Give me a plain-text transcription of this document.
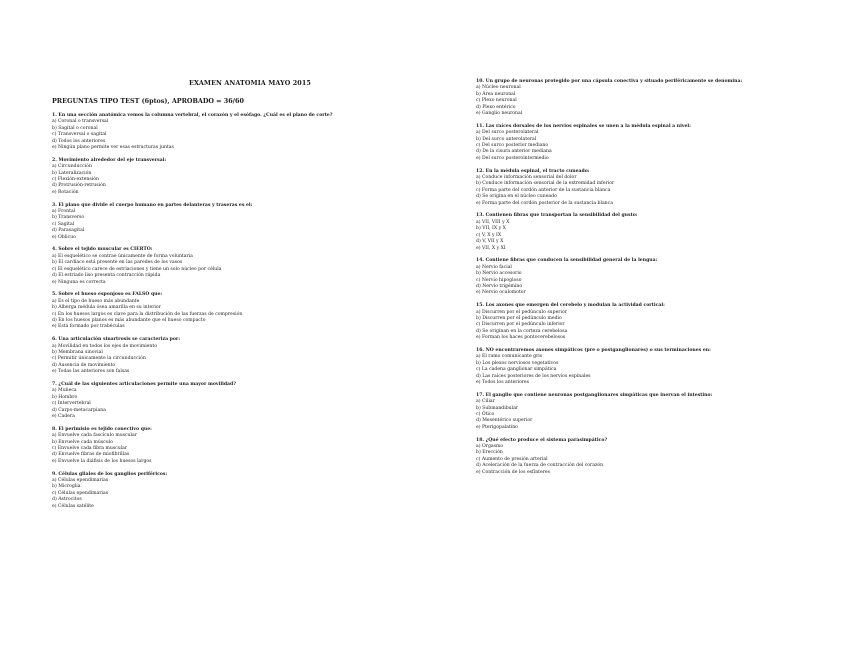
EXAMEN ANATOMIA MAYO 2015
PREGUNTAS TIPO TEST (6ptos), APROBADO = 36/60
1. En una sección anatómica vemos la columna vertebral, el corazón y el esófago. ¿Cuál es el plano de corte?
a) Coronal o transversal
b) Sagital o coronal
c) Transversal o sagital
d) Todos los anteriores
e) Ningún plano permite ver esas estructuras juntas
2. Movimiento alrededor del eje transversal:
a) Circunducción
b) Lateralización
c) Flexión-extensión
d) Protrusión-retrusión
e) Rotación
3. El plano que divide el cuerpo humano en partes delanteras y traseras es el:
a) Frontal
b) Transverso
c) Sagital
d) Parasagital
e) Oblicuo
4. Sobre el tejido muscular es CIERTO:
a) El esquelético se contrae únicamente de forma voluntaria
b) El cardíaco está presente en las paredes de los vasos
c) El esquelético carece de estriaciones y tiene un solo núcleo por célula
d) El estriado liso presenta contracción rápida
e) Ninguna es correcta
5. Sobre el hueso esponjoso es FALSO que:
a) Es el tipo de hueso más abundante
b) Alberga médula ósea amarilla en su interior
c) En los huesos largos es clave para la distribución de las fuerzas de compresión
d) En los huesos planos es más abundante que el hueso compacto
e) Está formado por trabéculas
6. Una articulación sinartrosis se caracteriza por:
a) Movilidad en todos los ejes de movimiento
b) Membrana sinovial
c) Permitir únicamente la circunducción
d) Ausencia de movimiento
e) Todas las anteriores son falsas
7. ¿Cuál de las siguientes articulaciones permite una mayor movilidad?
a) Muñeca
b) Hombro
c) Intervertebral
d) Carpo-metacarpiana
e) Cadera
8. El perimisio es tejido conectivo que:
a) Envuelve cada fascículo muscular
b) Envuelve cada músculo
c) Envuelve cada fibra muscular
d) Envuelve fibras de miofibrillas
e) Envuelve la diáfisis de los huesos largos
9. Células gliales de los ganglios periféricos:
a) Células ependimarias
b) Microglía
c) Células ependimarias
d) Astrocitos
e) Células satélite
10. Un grupo de neuronas protegido por una cápsula conectiva y situado periféricamente se denomina:
a) Núcleo neuronal
b) Área neuronal
c) Plexo neuronal
d) Plexo entérico
e) Ganglio neuronal
11. Las raíces dorsales de los nervios espinales se unen a la médula espinal a nivel:
a) Del surco posterolateral
b) Del surco anterolateral
c) Del surco posterior mediano
d) De la cisura anterior mediana
e) Del surco posterointermedio
12. En la médula espinal, el tracto cuneado:
a) Conduce información sensorial del dolor
b) Conduce información sensorial de la extremidad inferior
c) Forma parte del cordón anterior de la sustancia blanca
d) Se origina en el núcleo cuneado
e) Forma parte del cordón posterior de la sustancia blanca
13. Contienen fibras que transportan la sensibilidad del gusto:
a) VII, VIII y X
b) VII, IX y X
c) V, X y IX
d) V, VII y X
e) VII, X y XI
14. Contiene fibras que conducen la sensibilidad general de la lengua:
a) Nervio facial
b) Nervio accesorio
c) Nervio hipogloso
d) Nervio trigémino
e) Nervio oculomotor
15. Los axones que emergen del cerebelo y modulan la actividad cortical:
a) Discurren por el pedúnculo superior
b) Discurren por el pedúnculo medio
c) Discurren por el pedúnculo inferior
d) Se originan en la corteza cerebelosa
e) Forman los haces pontocerebelosos
16. NO encontraremos axones simpáticos (pre o postganglionares) o sus terminaciones en:
a) El ramo comunicante gris
b) Los plexos nerviosos vegetativos
c) La cadena ganglionar simpática
d) Las raíces posteriores de los nervios espinales
e) Todos los anteriores
17. El ganglio que contiene neuronas postganglionares simpáticas que inervan el intestino:
a) Ciliar
b) Submandibular
c) Ótico
d) Mesentérico superior
e) Pterigopalatino
18. ¿Qué efecto produce el sistema parasimpático?
a) Orgasmo
b) Erección
c) Aumento de presión arterial
d) Aceleración de la fuerza de contracción del corazón
e) Contracción de los esfínteres
